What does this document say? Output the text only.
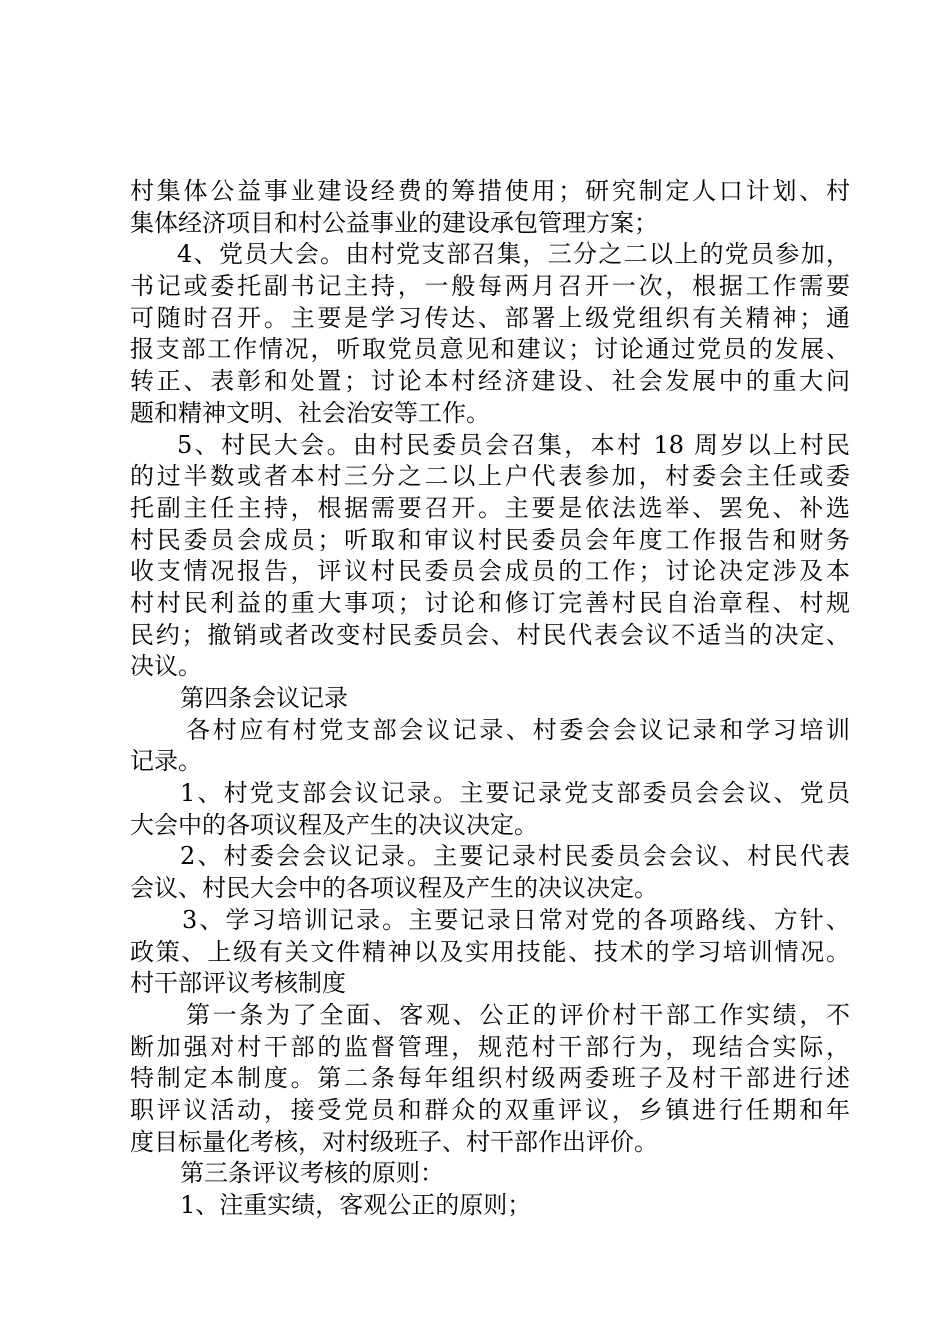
村集体公益事业建设经费的筹措使用；研究制定人口计划、村
集体经济项目和村公益事业的建设承包管理方案；
4、党员大会。由村党支部召集，三分之二以上的党员参加，
书记或委托副书记主持，一般每两月召开一次，根据工作需要
可随时召开。主要是学习传达、部署上级党组织有关精神；通
报支部工作情况，听取党员意见和建议；讨论通过党员的发展、
转正、表彰和处置；讨论本村经济建设、社会发展中的重大问
题和精神文明、社会治安等工作。
5、村民大会。由村民委员会召集，本村 18 周岁以上村民
的过半数或者本村三分之二以上户代表参加，村委会主任或委
托副主任主持，根据需要召开。主要是依法选举、罢免、补选
村民委员会成员；听取和审议村民委员会年度工作报告和财务
收支情况报告，评议村民委员会成员的工作；讨论决定涉及本
村村民利益的重大事项；讨论和修订完善村民自治章程、村规
民约；撤销或者改变村民委员会、村民代表会议不适当的决定、
决议。
第四条会议记录
各村应有村党支部会议记录、村委会会议记录和学习培训
记录。
1、村党支部会议记录。主要记录党支部委员会会议、党员
大会中的各项议程及产生的决议决定。
2、村委会会议记录。主要记录村民委员会会议、村民代表
会议、村民大会中的各项议程及产生的决议决定。
3、学习培训记录。主要记录日常对党的各项路线、方针、
政策、上级有关文件精神以及实用技能、技术的学习培训情况。
村干部评议考核制度
第一条为了全面、客观、公正的评价村干部工作实绩，不
断加强对村干部的监督管理，规范村干部行为，现结合实际，
特制定本制度。第二条每年组织村级两委班子及村干部进行述
职评议活动，接受党员和群众的双重评议，乡镇进行任期和年
度目标量化考核，对村级班子、村干部作出评价。
第三条评议考核的原则：
1、注重实绩，客观公正的原则；
